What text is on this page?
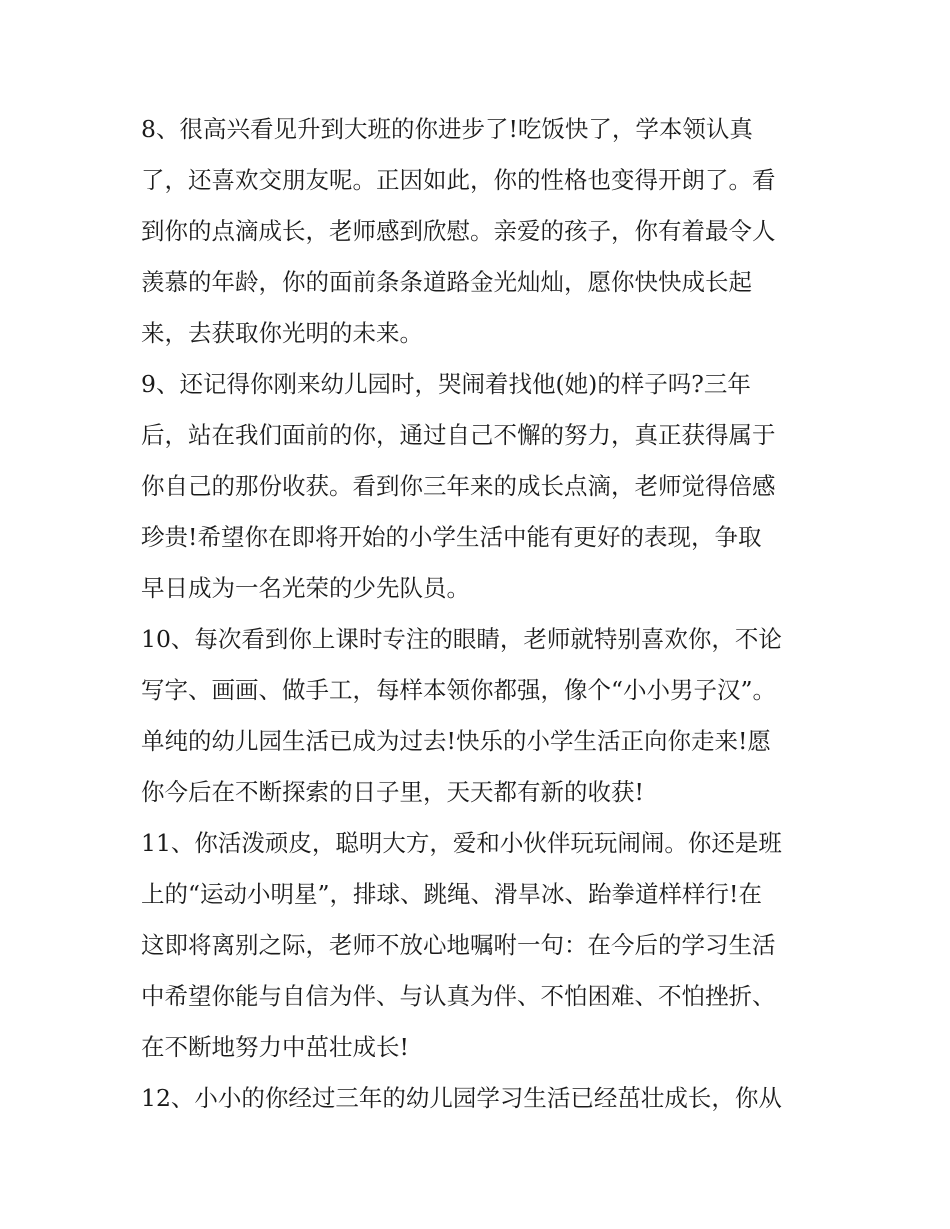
8、很高兴看见升到大班的你进步了!吃饭快了，学本领认真
了，还喜欢交朋友呢。正因如此，你的性格也变得开朗了。看
到你的点滴成长，老师感到欣慰。亲爱的孩子，你有着最令人
羡慕的年龄，你的面前条条道路金光灿灿，愿你快快成长起
来，去获取你光明的未来。

9、还记得你刚来幼儿园时，哭闹着找他(她)的样子吗?三年
后，站在我们面前的你，通过自己不懈的努力，真正获得属于
你自己的那份收获。看到你三年来的成长点滴，老师觉得倍感
珍贵!希望你在即将开始的小学生活中能有更好的表现，争取
早日成为一名光荣的少先队员。

10、每次看到你上课时专注的眼睛，老师就特别喜欢你，不论
写字、画画、做手工，每样本领你都强，像个“小小男子汉”。
单纯的幼儿园生活已成为过去!快乐的小学生活正向你走来!愿
你今后在不断探索的日子里，天天都有新的收获!

11、你活泼顽皮，聪明大方，爱和小伙伴玩玩闹闹。你还是班
上的“运动小明星”，排球、跳绳、滑旱冰、跆拳道样样行!在
这即将离别之际，老师不放心地嘱咐一句：在今后的学习生活
中希望你能与自信为伴、与认真为伴、不怕困难、不怕挫折、
在不断地努力中茁壮成长!

12、小小的你经过三年的幼儿园学习生活已经茁壮成长，你从
